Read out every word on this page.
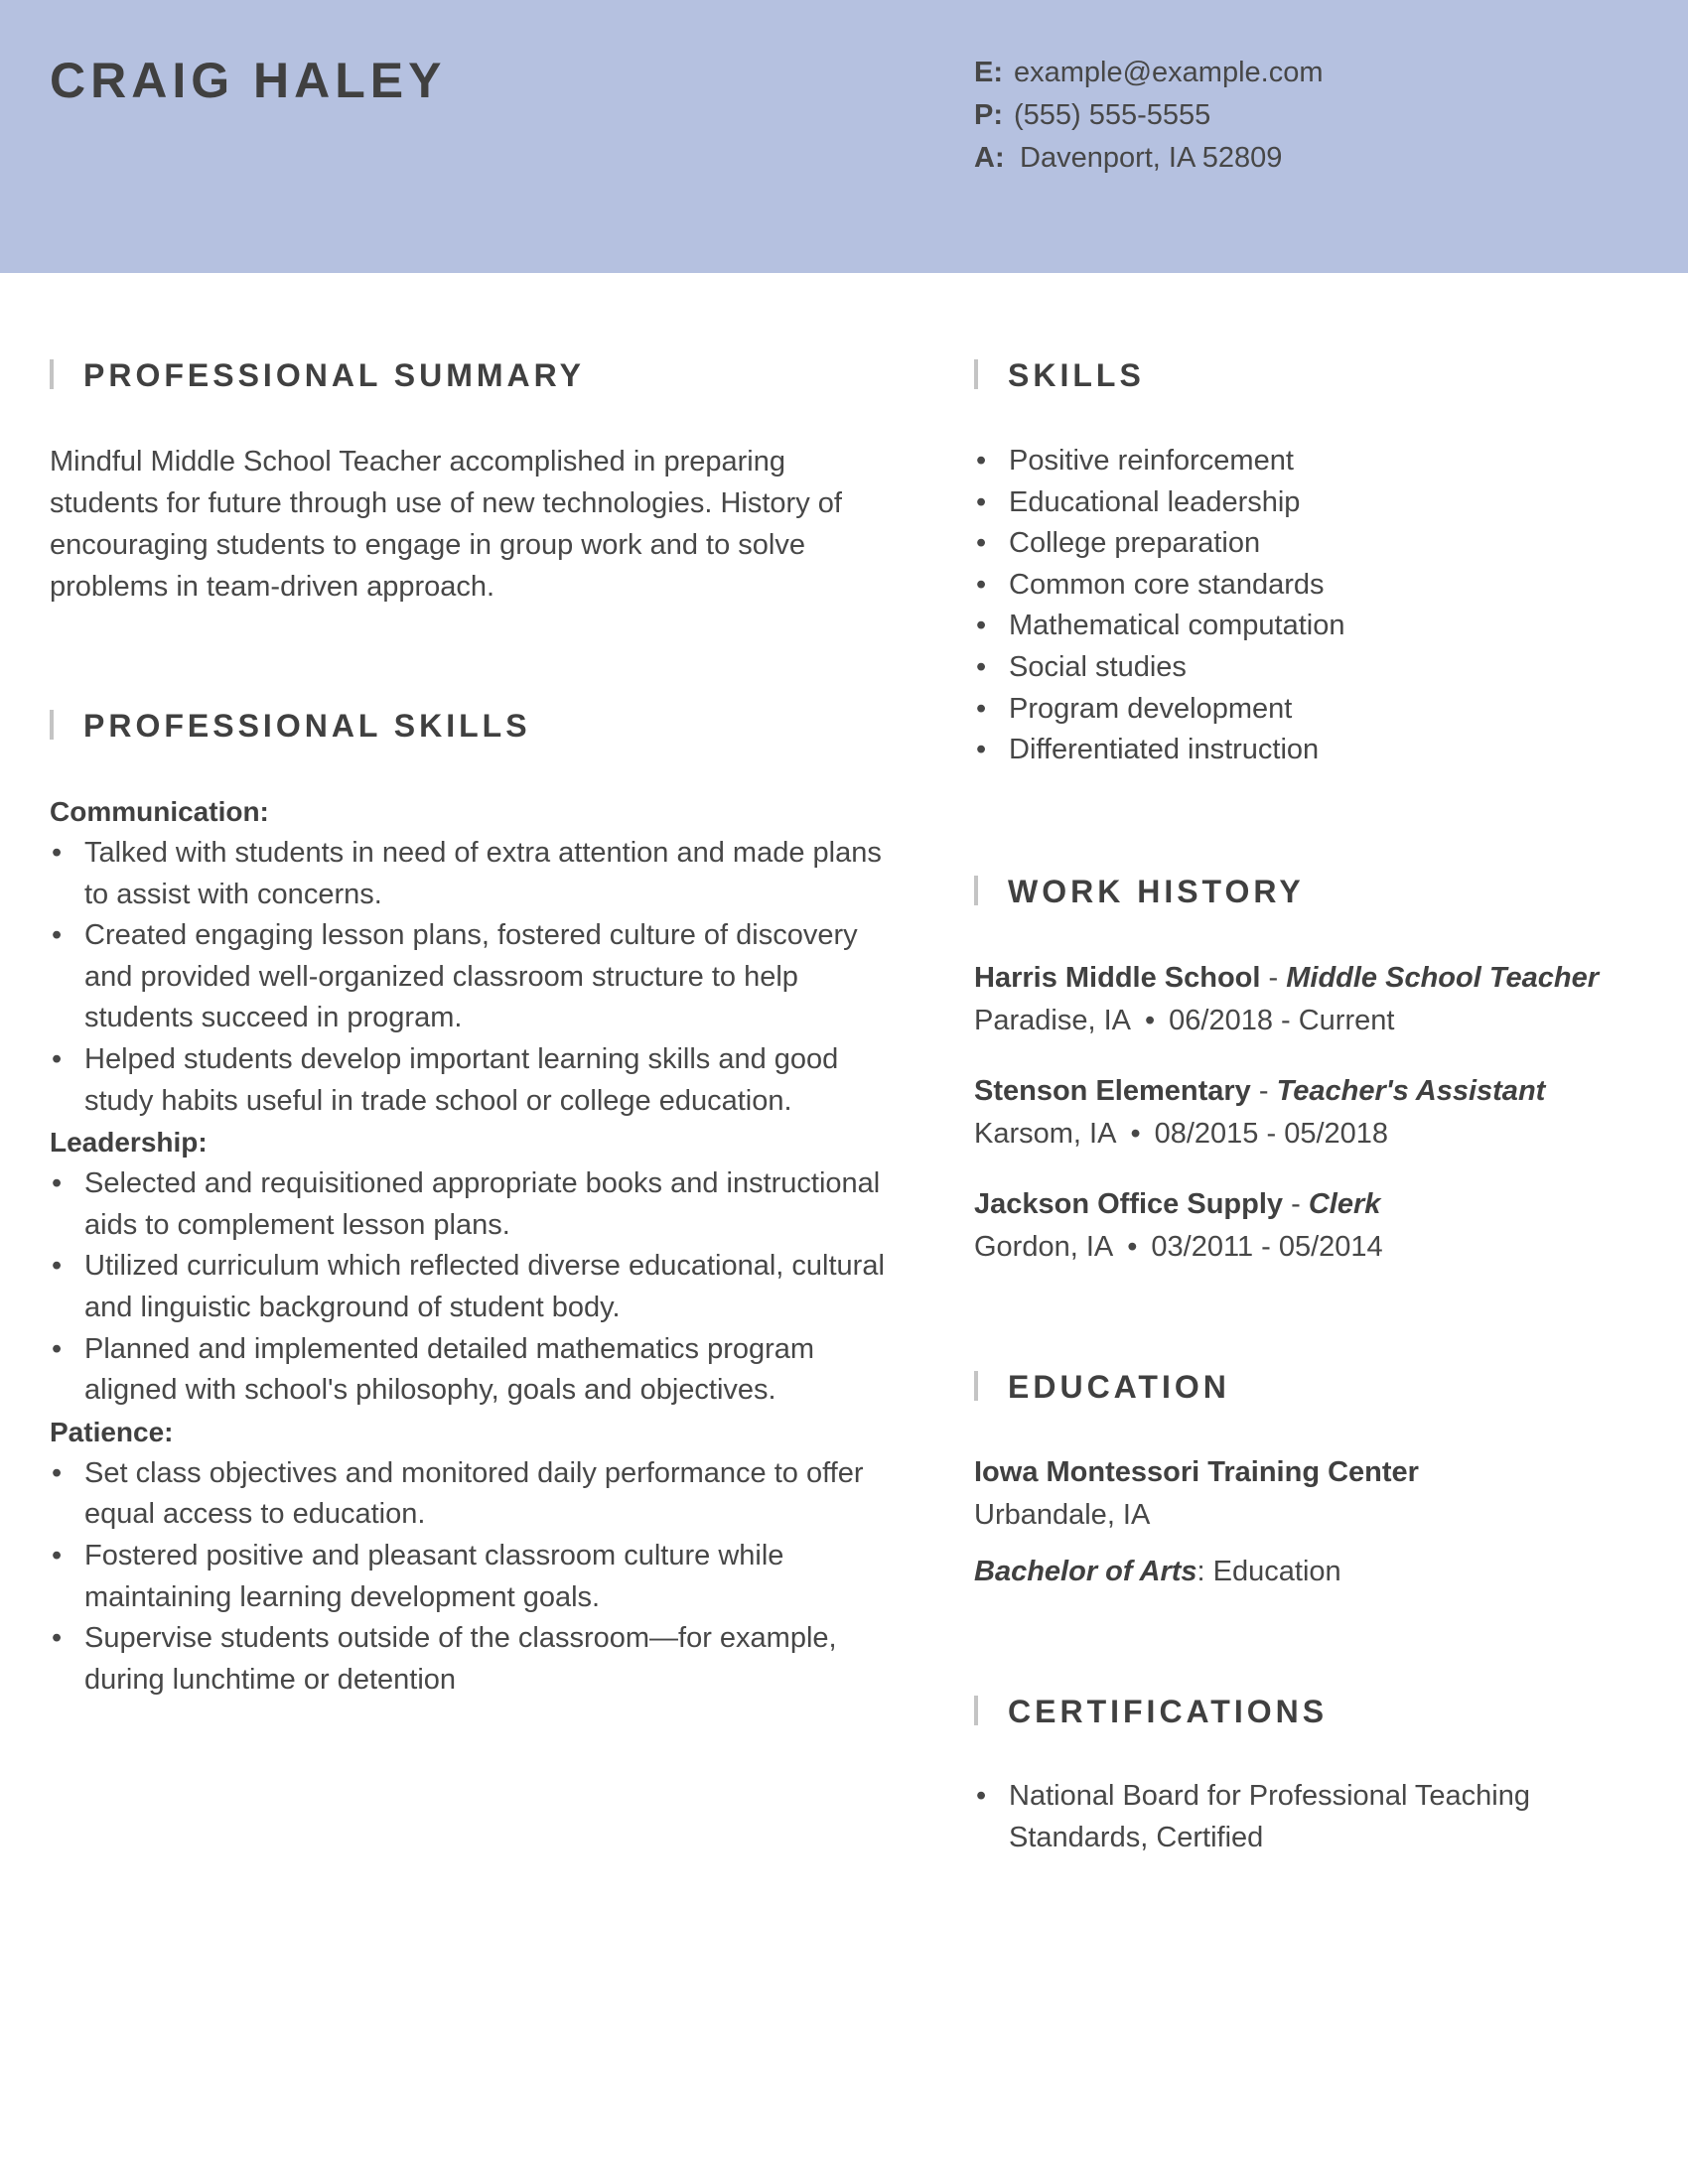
CRAIG HALEY	E: example@example.com
P: (555) 555-5555
A: Davenport, IA 52809
PROFESSIONAL SUMMARY

Mindful Middle School Teacher accomplished in preparing students for future through use of new technologies. History of encouraging students to engage in group work and to solve problems in team-driven approach.

PROFESSIONAL SKILLS
Communication:
• Talked with students in need of extra attention and made plans to assist with concerns.
• Created engaging lesson plans, fostered culture of discovery and provided well-organized classroom structure to help students succeed in program.
• Helped students develop important learning skills and good study habits useful in trade school or college education.
Leadership:
• Selected and requisitioned appropriate books and instructional aids to complement lesson plans.
• Utilized curriculum which reflected diverse educational, cultural and linguistic background of student body.
• Planned and implemented detailed mathematics program aligned with school's philosophy, goals and objectives.
Patience:
• Set class objectives and monitored daily performance to offer equal access to education.
• Fostered positive and pleasant classroom culture while maintaining learning development goals.
• Supervise students outside of the classroom—for example, during lunchtime or detention
SKILLS
• Positive reinforcement
• Educational leadership
• College preparation
• Common core standards
• Mathematical computation
• Social studies
• Program development
• Differentiated instruction
WORK HISTORY
Harris Middle School - Middle School Teacher
Paradise, IA • 06/2018 - Current
Stenson Elementary - Teacher's Assistant
Karsom, IA • 08/2015 - 05/2018
Jackson Office Supply - Clerk
Gordon, IA • 03/2011 - 05/2014
EDUCATION
Iowa Montessori Training Center
Urbandale, IA
Bachelor of Arts: Education
CERTIFICATIONS
• National Board for Professional Teaching Standards, Certified
